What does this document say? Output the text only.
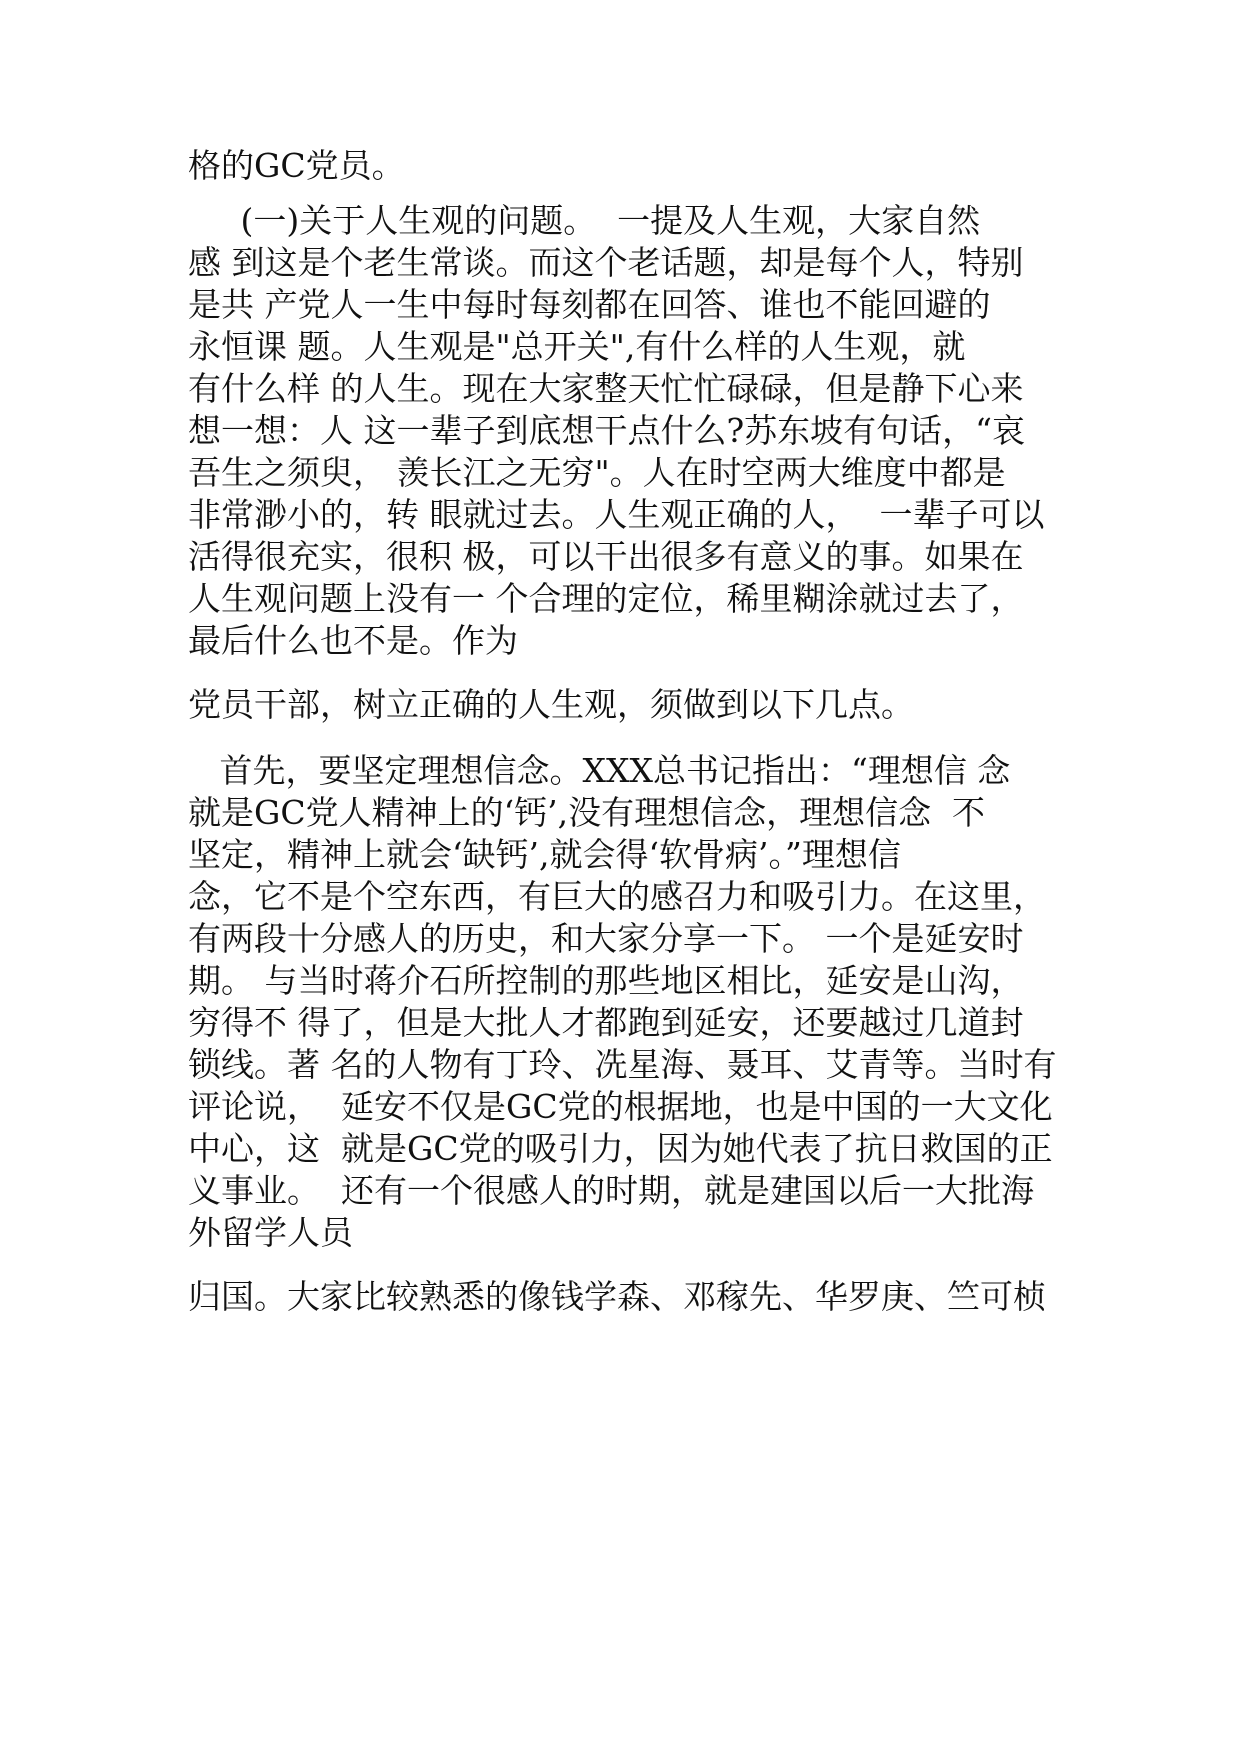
格的GC党员。
(一)关于人生观的问题。  一提及人生观，大家自然
感 到这是个老生常谈。而这个老话题，却是每个人，特别
是共 产党人一生中每时每刻都在回答、谁也不能回避的
永恒课 题。人生观是"总开关",有什么样的人生观，就
有什么样 的人生。现在大家整天忙忙碌碌，但是静下心来
想一想：人 这一辈子到底想干点什么?苏东坡有句话，“哀
吾生之须臾， 羡长江之无穷"。人在时空两大维度中都是
非常渺小的，转 眼就过去。人生观正确的人，  一辈子可以
活得很充实，很积 极，可以干出很多有意义的事。如果在
人生观问题上没有一 个合理的定位，稀里糊涂就过去了，
最后什么也不是。作为
党员干部，树立正确的人生观，须做到以下几点。
首先，要坚定理想信念。XXX总书记指出：“理想信 念
就是GC党人精神上的‘钙’,没有理想信念，理想信念  不
坚定，精神上就会‘缺钙’,就会得‘软骨病’。”理想信
念，它不是个空东西，有巨大的感召力和吸引力。在这里，
有两段十分感人的历史，和大家分享一下。 一个是延安时
期。 与当时蒋介石所控制的那些地区相比，延安是山沟，
穷得不 得了，但是大批人才都跑到延安，还要越过几道封
锁线。著 名的人物有丁玲、冼星海、聂耳、艾青等。当时有
评论说，  延安不仅是GC党的根据地，也是中国的一大文化
中心，这  就是GC党的吸引力，因为她代表了抗日救国的正
义事业。  还有一个很感人的时期，就是建国以后一大批海
外留学人员
归国。大家比较熟悉的像钱学森、邓稼先、华罗庚、竺可桢
